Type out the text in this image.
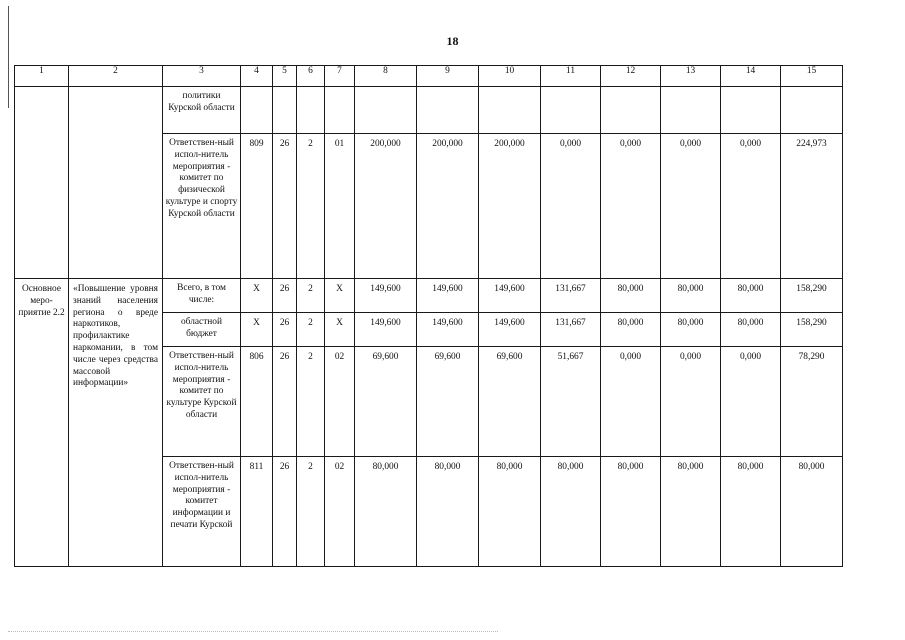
18
1	2	3	4	5	6	7	8	9	10	11	12	13	14	15
		политики Курской области												
		Ответствен-ный испол-нитель мероприятия - комитет по физической культуре и спорту Курской области	809	26	2	01	200,000	200,000	200,000	0,000	0,000	0,000	0,000	224,973
Основное меро-приятие 2.2	«Повышение уровня знаний населения региона о вреде наркотиков, профилактике наркомании, в том числе через средства массовой информации»	Всего, в том числе:	X	26	2	X	149,600	149,600	149,600	131,667	80,000	80,000	80,000	158,290
		областной бюджет	X	26	2	X	149,600	149,600	149,600	131,667	80,000	80,000	80,000	158,290
		Ответствен-ный испол-нитель мероприятия - комитет по культуре Курской области	806	26	2	02	69,600	69,600	69,600	51,667	0,000	0,000	0,000	78,290
		Ответствен-ный испол-нитель мероприятия - комитет информации и печати Курской	811	26	2	02	80,000	80,000	80,000	80,000	80,000	80,000	80,000	80,000
